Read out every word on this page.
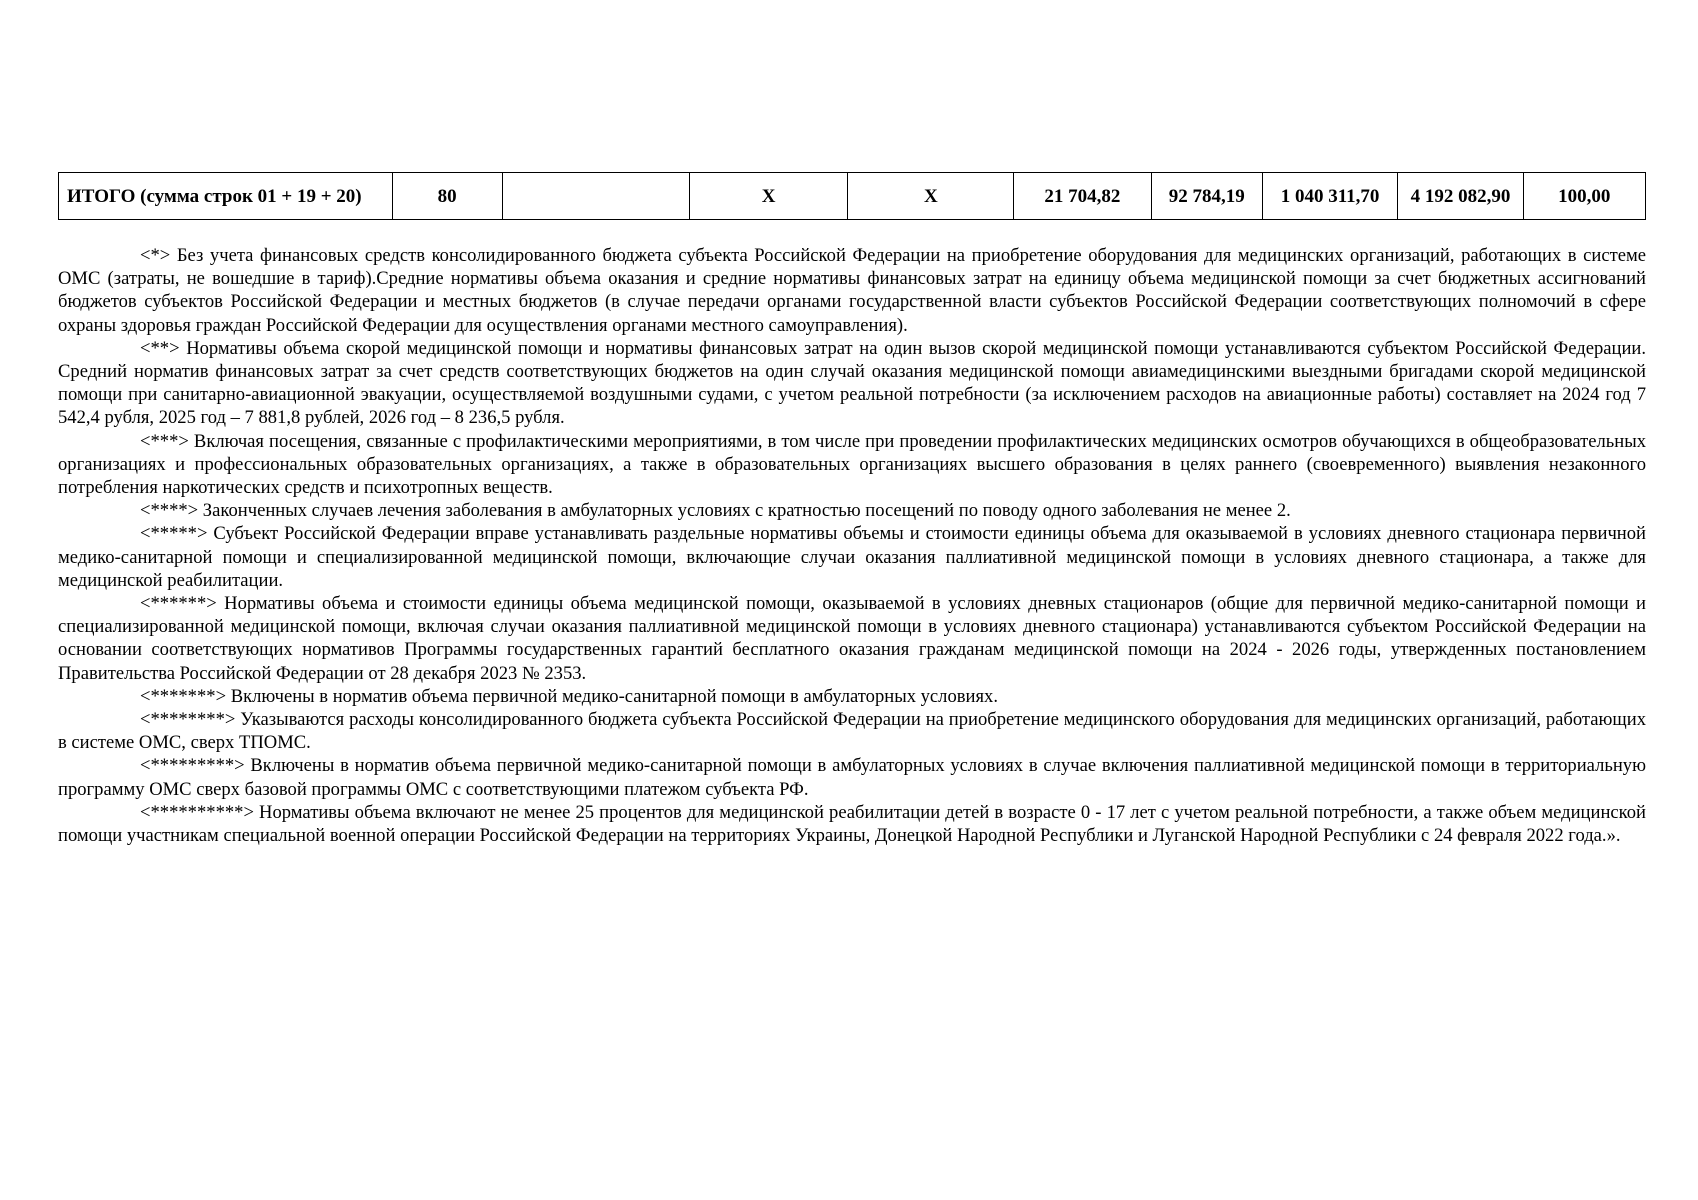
ИТОГО (сумма строк 01 + 19 + 20)	80		Х	Х	21 704,82	92 784,19	1 040 311,70	4 192 082,90	100,00

<*> Без учета финансовых средств консолидированного бюджета субъекта Российской Федерации на приобретение оборудования для медицинских организаций, работающих в системе ОМС (затраты, не вошедшие в тариф).Средние нормативы объема оказания и средние нормативы финансовых затрат на единицу объема медицинской помощи за счет бюджетных ассигнований бюджетов субъектов Российской Федерации и местных бюджетов (в случае передачи органами государственной власти субъектов Российской Федерации соответствующих полномочий в сфере охраны здоровья граждан Российской Федерации для осуществления органами местного самоуправления).

<**> Нормативы объема скорой медицинской помощи и нормативы финансовых затрат на один вызов скорой медицинской помощи устанавливаются субъектом Российской Федерации. Средний норматив финансовых затрат за счет средств соответствующих бюджетов на один случай оказания медицинской помощи авиамедицинскими выездными бригадами скорой медицинской помощи при санитарно-авиационной эвакуации, осуществляемой воздушными судами, с учетом реальной потребности (за исключением расходов на авиационные работы) составляет на 2024 год 7 542,4 рубля, 2025 год – 7 881,8 рублей, 2026 год – 8 236,5 рубля.

<***> Включая посещения, связанные с профилактическими мероприятиями, в том числе при проведении профилактических медицинских осмотров обучающихся в общеобразовательных организациях и профессиональных образовательных организациях, а также в образовательных организациях высшего образования в целях раннего (своевременного) выявления незаконного потребления наркотических средств и психотропных веществ.

<****> Законченных случаев лечения заболевания в амбулаторных условиях с кратностью посещений по поводу одного заболевания не менее 2.

<*****> Субъект Российской Федерации вправе устанавливать раздельные нормативы объемы и стоимости единицы объема для оказываемой в условиях дневного стационара первичной медико-санитарной помощи и специализированной медицинской помощи, включающие случаи оказания паллиативной медицинской помощи в условиях дневного стационара, а также для медицинской реабилитации.

<******> Нормативы объема и стоимости единицы объема медицинской помощи, оказываемой в условиях дневных стационаров (общие для первичной медико-санитарной помощи и специализированной медицинской помощи, включая случаи оказания паллиативной медицинской помощи в условиях дневного стационара) устанавливаются субъектом Российской Федерации на основании соответствующих нормативов Программы государственных гарантий бесплатного оказания гражданам медицинской помощи на 2024 - 2026 годы, утвержденных постановлением Правительства Российской Федерации от 28 декабря 2023 № 2353.

<*******> Включены в норматив объема первичной медико-санитарной помощи в амбулаторных условиях.

<********> Указываются расходы консолидированного бюджета субъекта Российской Федерации на приобретение медицинского оборудования для медицинских организаций, работающих в системе ОМС, сверх ТПОМС.

<*********> Включены в норматив объема первичной медико-санитарной помощи в амбулаторных условиях в случае включения паллиативной медицинской помощи в территориальную программу ОМС сверх базовой программы ОМС с соответствующими платежом субъекта РФ.

<**********> Нормативы объема включают не менее 25 процентов для медицинской реабилитации детей в возрасте 0 - 17 лет с учетом реальной потребности, а также объем медицинской помощи участникам специальной военной операции Российской Федерации на территориях Украины, Донецкой Народной Республики и Луганской Народной Республики с 24 февраля 2022 года.».
